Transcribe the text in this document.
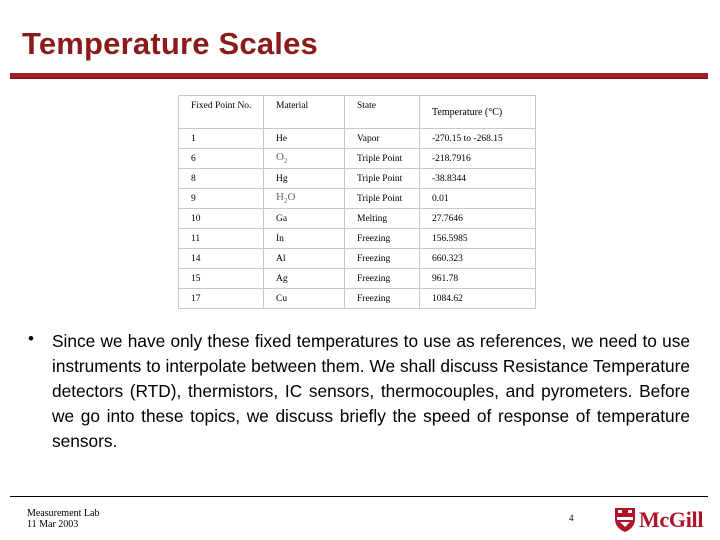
Temperature Scales
Fixed Point No.	Material	State	Temperature (°C)
1	He	Vapor	-270.15 to -268.15
6	$O_2$	Triple Point	-218.7916
8	Hg	Triple Point	-38.8344
9	$H_2O$	Triple Point	0.01
10	Ga	Melting	27.7646
11	In	Freezing	156.5985
14	Al	Freezing	660.323
15	Ag	Freezing	961.78
17	Cu	Freezing	1084.62
• Since we have only these fixed temperatures to use as references, we need to use instruments to interpolate between them. We shall discuss Resistance Temperature detectors (RTD), thermistors, IC sensors, thermocouples, and pyrometers. Before we go into these topics, we discuss briefly the speed of response of temperature sensors.

Measurement Lab
11 Mar 2003
4	McGill
